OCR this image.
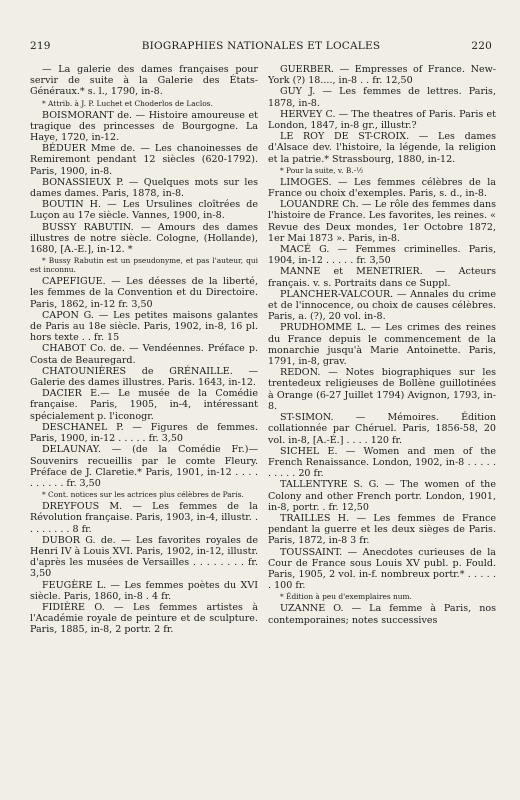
219	BIOGRAPHIES NATIONALES ET LOCALES	220

— La galerie des dames françaises pour servir de suite à la Galerie des États-Généraux.* s. l., 1790, in-8.

* Attrib. à J. P. Luchet et Choderlos de Laclos.

BOISMORANT de. — Histoire amoureuse et tragique des princesses de Bourgogne. La Haye, 1720, in-12.

BÉDUER Mme de. — Les chanoinesses de Remiremont pendant 12 siècles (620-1792). Paris, 1900, in-8.

BONASSIEUX P. — Quelques mots sur les dames dames. Paris, 1878, in-8.

BOUTIN H. — Les Ursulines cloîtrées de Luçon au 17e siècle. Vannes, 1900, in-8.

BUSSY RABUTIN. — Amours des dames illustres de notre siècle. Cologne, (Hollande), 1680, [A.-E.], in-12. *

* Bussy Rabutin est un pseudonyme, et pas l'auteur, qui est inconnu.

CAPEFIGUE. — Les déesses de la liberté, les femmes de la Convention et du Directoire. Paris, 1862, in-12 fr. 3,50

CAPON G. — Les petites maisons galantes de Paris au 18e siècle. Paris, 1902, in-8, 16 pl. hors texte . . fr. 15

CHABOT Co. de. — Vendéennes. Préface p. Costa de Beauregard.

CHATOUNIÈRES de GRÉNAILLE. — Galerie des dames illustres. Paris. 1643, in-12.

DACIER E.— Le musée de la Comédie française. Paris, 1905, in-4, intéressant spécialement p. l'iconogr.

DESCHANEL P. — Figures de femmes. Paris, 1900, in-12 . . . . . fr. 3,50

DELAUNAY. — (de la Comédie Fr.)— Souvenirs recueillis par le comte Fleury. Préface de J. Claretie.* Paris, 1901, in-12 . . . . . . . . . . fr. 3,50

* Cont. notices sur les actrices plus célèbres de Paris.

DREYFOUS M. — Les femmes de la Révolution française. Paris, 1903, in-4, illustr. . . . . . . . . 8 fr.

DUBOR G. de. — Les favorites royales de Henri IV à Louis XVI. Paris, 1902, in-12, illustr. d'après les musées de Versailles . . . . . . . . fr. 3,50

FEUGÈRE L. — Les femmes poètes du XVI siècle. Paris, 1860, in-8 . 4 fr.

FIDIÈRE O. — Les femmes artistes à l'Académie royale de peinture et de sculpture. Paris, 1885, in-8, 2 portr. 2 fr.

GUERBER. — Empresses of France. New-York (?) 18...., in-8 . . fr. 12,50

GUY J. — Les femmes de lettres. Paris, 1878, in-8.

HERVEY C. — The theatres of Paris. Paris et London, 1847, in-8 gr., illustr.?

LE ROY DE ST-CROIX. — Les dames d'Alsace dev. l'histoire, la légende, la religion et la patrie.* Strassbourg, 1880, in-12.

* Pour la suite, v. B.-½

LIMOGES. — Les femmes célèbres de la France ou choix d'exemples. Paris, s. d., in-8.

LOUANDRE Ch. — Le rôle des femmes dans l'histoire de France. Les favorites, les reines. « Revue des Deux mondes, 1er Octobre 1872, 1er Mai 1873 ». Paris, in-8.

MACÉ G. — Femmes criminelles. Paris, 1904, in-12 . . . . . fr. 3,50

MANNE et MENETRIER. — Acteurs français. v. s. Portraits dans ce Suppl.

PLANCHER-VALCOUR. — Annales du crime et de l'innocence, ou choix de causes célèbres. Paris, a. (?), 20 vol. in-8.

PRUDHOMME L. — Les crimes des reines du France depuis le commencement de la monarchie jusqu'à Marie Antoinette. Paris, 1791, in-8, grav.

REDON. — Notes biographiques sur les trentedeux religieuses de Bollène guillotinées à Orange (6-27 Juillet 1794) Avignon, 1793, in-8.

ST-SIMON. — Mémoires. Édition collationnée par Chéruel. Paris, 1856-58, 20 vol. in-8, [A.-É.] . . . . 120 fr.

SICHEL E. — Women and men of the French Renaissance. London, 1902, in-8 . . . . . . . . . . 20 fr.

TALLENTYRE S. G. — The women of the Colony and other French portr. London, 1901, in-8, portr. . fr. 12,50

TRAILLES H. — Les femmes de France pendant la guerre et les deux sièges de Paris. Paris, 1872, in-8 3 fr.

TOUSSAINT. — Anecdotes curieuses de la Cour de France sous Louis XV publ. p. Fould. Paris, 1905, 2 vol. in-f. nombreux portr.* . . . . . . 100 fr.

* Édition à peu d'exemplaires num.

UZANNE O. — La femme à Paris, nos contemporaines; notes successives
